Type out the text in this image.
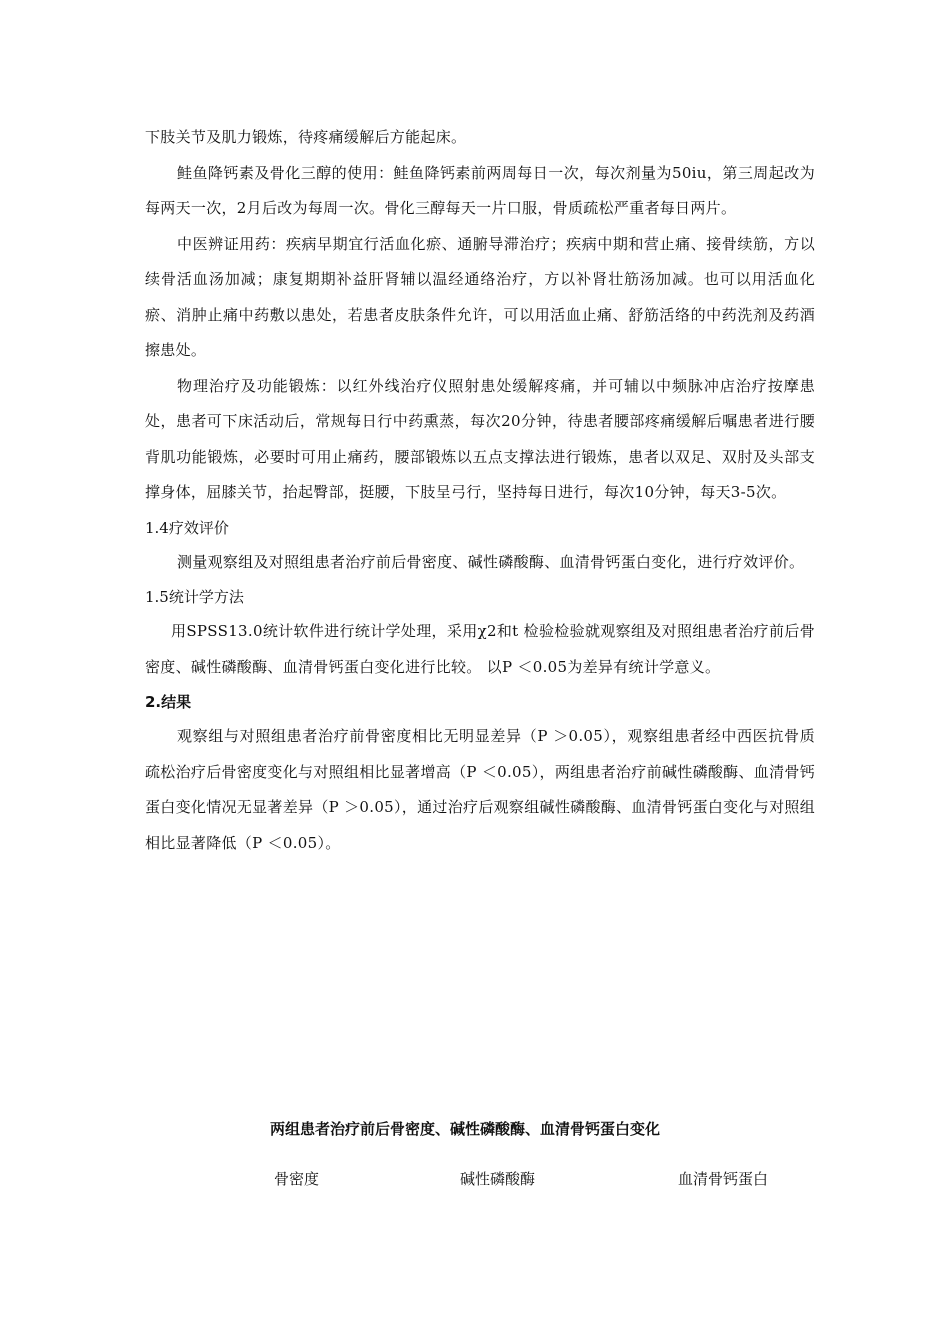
下肢关节及肌力锻炼，待疼痛缓解后方能起床。

鲑鱼降钙素及骨化三醇的使用：鲑鱼降钙素前两周每日一次，每次剂量为50iu，第三周起改为每两天一次，2月后改为每周一次。骨化三醇每天一片口服，骨质疏松严重者每日两片。

中医辨证用药：疾病早期宜行活血化瘀、通腑导滞治疗；疾病中期和营止痛、接骨续筋，方以续骨活血汤加减；康复期期补益肝肾辅以温经通络治疗，方以补肾壮筋汤加减。也可以用活血化瘀、消肿止痛中药敷以患处，若患者皮肤条件允许，可以用活血止痛、舒筋活络的中药洗剂及药酒擦患处。

物理治疗及功能锻炼：以红外线治疗仪照射患处缓解疼痛，并可辅以中频脉冲店治疗按摩患处，患者可下床活动后，常规每日行中药熏蒸，每次20分钟，待患者腰部疼痛缓解后嘱患者进行腰背肌功能锻炼，必要时可用止痛药，腰部锻炼以五点支撑法进行锻炼，患者以双足、双肘及头部支撑身体，屈膝关节，抬起臀部，挺腰，下肢呈弓行，坚持每日进行，每次10分钟，每天3-5次。

1.4疗效评价

测量观察组及对照组患者治疗前后骨密度、碱性磷酸酶、血清骨钙蛋白变化，进行疗效评价。

1.5统计学方法

用SPSS13.0统计软件进行统计学处理，采用χ2和t 检验检验就观察组及对照组患者治疗前后骨密度、碱性磷酸酶、血清骨钙蛋白变化进行比较。 以P ＜0.05为差异有统计学意义。

2.结果

观察组与对照组患者治疗前骨密度相比无明显差异（P ＞0.05），观察组患者经中西医抗骨质疏松治疗后骨密度变化与对照组相比显著增高（P ＜0.05），两组患者治疗前碱性磷酸酶、血清骨钙蛋白变化情况无显著差异（P ＞0.05），通过治疗后观察组碱性磷酸酶、血清骨钙蛋白变化与对照组相比显著降低（P ＜0.05）。

两组患者治疗前后骨密度、碱性磷酸酶、血清骨钙蛋白变化
骨密度	碱性磷酸酶	血清骨钙蛋白
